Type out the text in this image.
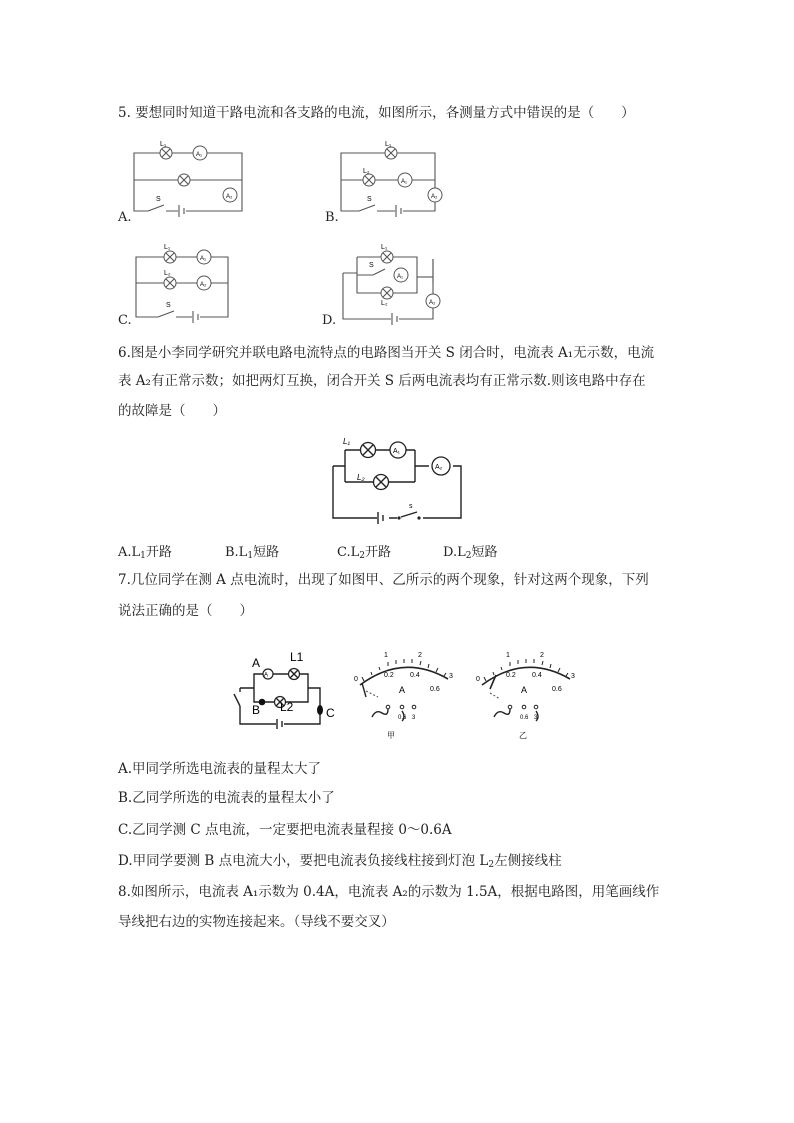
5. 要想同时知道干路电流和各支路的电流，如图所示，各测量方式中错误的是（　　）
L₁
A₁
A₂
S
A.
L₁
L₂
A₁
A₂
S
B.
L₁
L₂
A₁
A₂
S
C.
L₁
S
L₂
A₁
A₂
D.
6.图是小李同学研究并联电路电流特点的电路图当开关 S 闭合时，电流表 A₁无示数，电流
表 A₂有正常示数；如把两灯互换，闭合开关 S 后两电流表均有正常示数.则该电路中存在
的故障是（　　）
L₁
A₁
A₂
L₂
s
$A.L_1$开路	$B.L_1$短路	$C.L_2$开路	$D.L_2$短路
7.几位同学在测 A 点电流时，出现了如图甲、乙所示的两个现象，针对这两个现象，下列
说法正确的是（　　）
A
A
L1
B L2	C
1	2
3
0
0.2 0.4
0.6
A
0.6 3
甲
1	2
3
0
0.2 0.4
0.6
A
0.6 3
乙
A.甲同学所选电流表的量程太大了
B.乙同学所选的电流表的量程太小了
C.乙同学测 C 点电流，一定要把电流表量程接 0～0.6A
D.甲同学要测 B 点电流大小，要把电流表负接线柱接到灯泡 $L_2$左侧接线柱
8.如图所示，电流表 A₁示数为 0.4A，电流表 A₂的示数为 1.5A，根据电路图，用笔画线作
导线把右边的实物连接起来。（导线不要交叉）
